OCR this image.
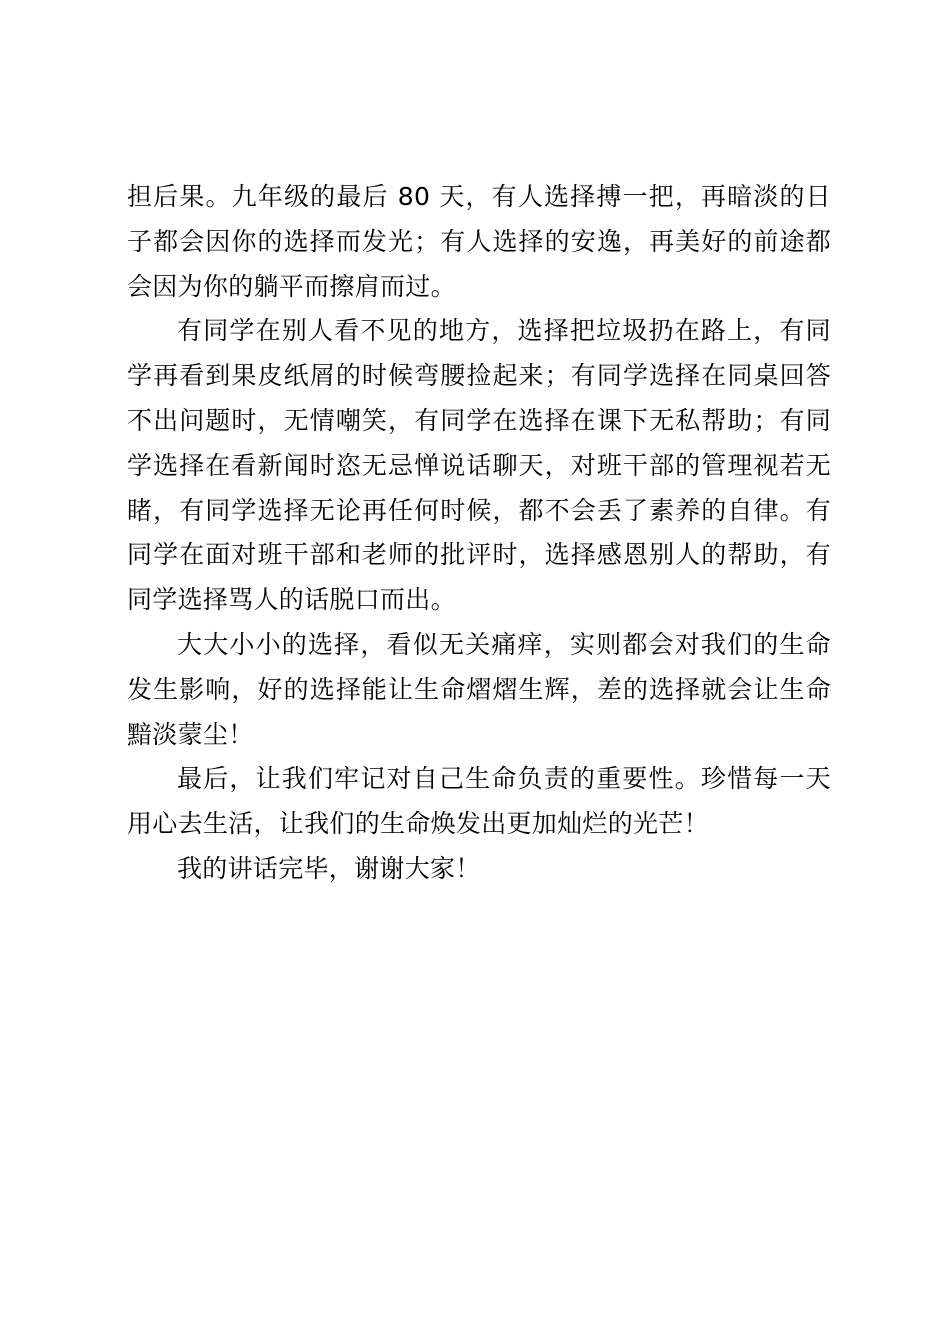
担后果。九年级的最后 80 天，有人选择搏一把，再暗淡的日
子都会因你的选择而发光；有人选择的安逸，再美好的前途都
会因为你的躺平而擦肩而过。
有同学在别人看不见的地方，选择把垃圾扔在路上，有同
学再看到果皮纸屑的时候弯腰捡起来；有同学选择在同桌回答
不出问题时，无情嘲笑，有同学在选择在课下无私帮助；有同
学选择在看新闻时恣无忌惮说话聊天，对班干部的管理视若无
睹，有同学选择无论再任何时候，都不会丢了素养的自律。有
同学在面对班干部和老师的批评时，选择感恩别人的帮助，有
同学选择骂人的话脱口而出。
大大小小的选择，看似无关痛痒，实则都会对我们的生命
发生影响，好的选择能让生命熠熠生辉，差的选择就会让生命
黯淡蒙尘！
最后，让我们牢记对自己生命负责的重要性。珍惜每一天
用心去生活，让我们的生命焕发出更加灿烂的光芒！
我的讲话完毕，谢谢大家！
